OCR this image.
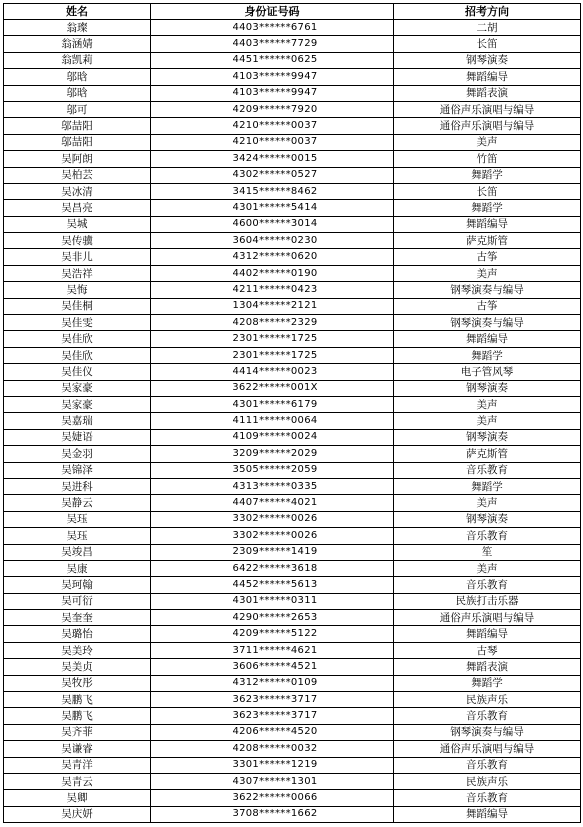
姓名	身份证号码	招考方向
翁璨	4403******6761	二胡
翁涵婧	4403******7729	长笛
翁凯莉	4451******0625	钢琴演奏
邬晗	4103******9947	舞蹈编导
邬晗	4103******9947	舞蹈表演
邬可	4209******7920	通俗声乐演唱与编导
邬喆阳	4210******0037	通俗声乐演唱与编导
邬喆阳	4210******0037	美声
吴阿朗	3424******0015	竹笛
吴柏芸	4302******0527	舞蹈学
吴冰清	3415******8462	长笛
吴昌亮	4301******5414	舞蹈学
吴城	4600******3014	舞蹈编导
吴传骥	3604******0230	萨克斯管
吴非儿	4312******0620	古筝
吴浩祥	4402******0190	美声
吴悔	4211******0423	钢琴演奏与编导
吴佳桐	1304******2121	古筝
吴佳雯	4208******2329	钢琴演奏与编导
吴佳欣	2301******1725	舞蹈编导
吴佳欣	2301******1725	舞蹈学
吴佳仪	4414******0023	电子管风琴
吴家豪	3622******001X	钢琴演奏
吴家豪	4301******6179	美声
吴嘉瑞	4111******0064	美声
吴婕语	4109******0024	钢琴演奏
吴金羽	3209******2029	萨克斯管
吴锦泽	3505******2059	音乐教育
吴进科	4313******0335	舞蹈学
吴静云	4407******4021	美声
吴珏	3302******0026	钢琴演奏
吴珏	3302******0026	音乐教育
吴竣昌	2309******1419	笙
吴康	6422******3618	美声
吴珂翰	4452******5613	音乐教育
吴可衍	4301******0311	民族打击乐器
吴奎奎	4290******2653	通俗声乐演唱与编导
吴璐怡	4209******5122	舞蹈编导
吴美玲	3711******4621	古琴
吴美贞	3606******4521	舞蹈表演
吴牧彤	4312******0109	舞蹈学
吴鹏飞	3623******3717	民族声乐
吴鹏飞	3623******3717	音乐教育
吴齐菲	4206******4520	钢琴演奏与编导
吴谦睿	4208******0032	通俗声乐演唱与编导
吴青洋	3301******1219	音乐教育
吴青云	4307******1301	民族声乐
吴卿	3622******0066	音乐教育
吴庆妍	3708******1662	舞蹈编导
